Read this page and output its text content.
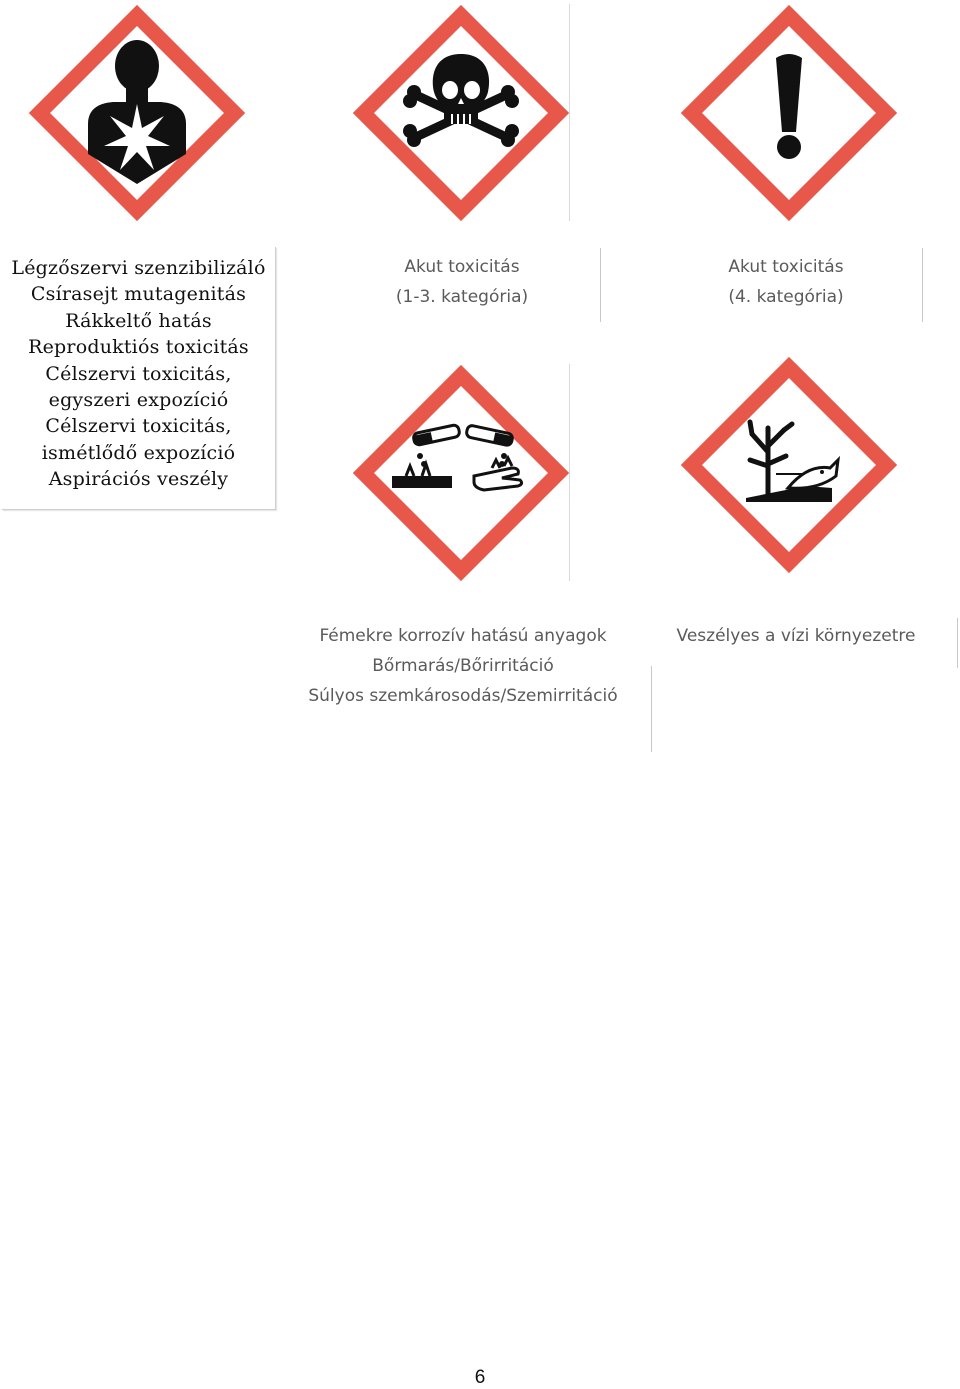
Légzőszervi szenzibilizáló
Csírasejt mutagenitás
Rákkeltő hatás
Reproduktiós toxicitás
Célszervi toxicitás,
egyszeri expozíció
Célszervi toxicitás,
ismétlődő expozíció
Aspirációs veszély
Akut toxicitás
(1-3. kategória)
Akut toxicitás
(4. kategória)
Fémekre korrozív hatású anyagok
Bőrmarás/Bőrirritáció
Súlyos szemkárosodás/Szemirritáció
Veszélyes a vízi környezetre
6
